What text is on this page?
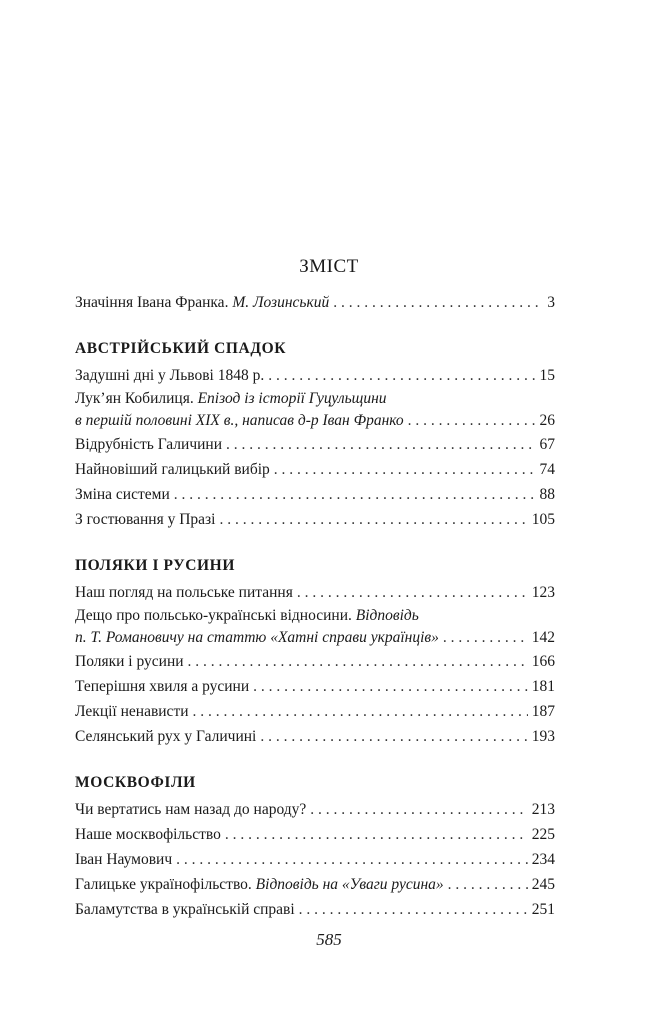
ЗМІСТ
Значіння Івана Франка. М. Лозинський . . .	3
АВСТРІЙСЬКИЙ СПАДОК
Задушні дні у Львові 1848 р. . . .	15
Лук’ян Кобилиця. Епізод із історії Гуцульщини
в першій половині XIX в., написав д-р Іван Франко . . .	26
Відрубність Галичини . . .	67
Найновіший галицький вибір . . .	74
Зміна системи . . .	88
З гостювання у Празі . . .	105
ПОЛЯКИ І РУСИНИ
Наш погляд на польське питання . . .	123
Дещо про польсько-українські відносини. Відповідь
п. Т. Романовичу на статтю «Хатні справи українців» . . .	142
Поляки і русини . . .	166
Теперішня хвиля а русини . . .	181
Лекції ненависти . . .	187
Селянський рух у Галичині . . .	193
МОСКВОФІЛИ
Чи вертатись нам назад до народу? . . .	213
Наше москвофільство . . .	225
Іван Наумович . . .	234
Галицьке українофільство. Відповідь на «Уваги русина» . . .	245
Баламутства в українській справі . . .	251
585
